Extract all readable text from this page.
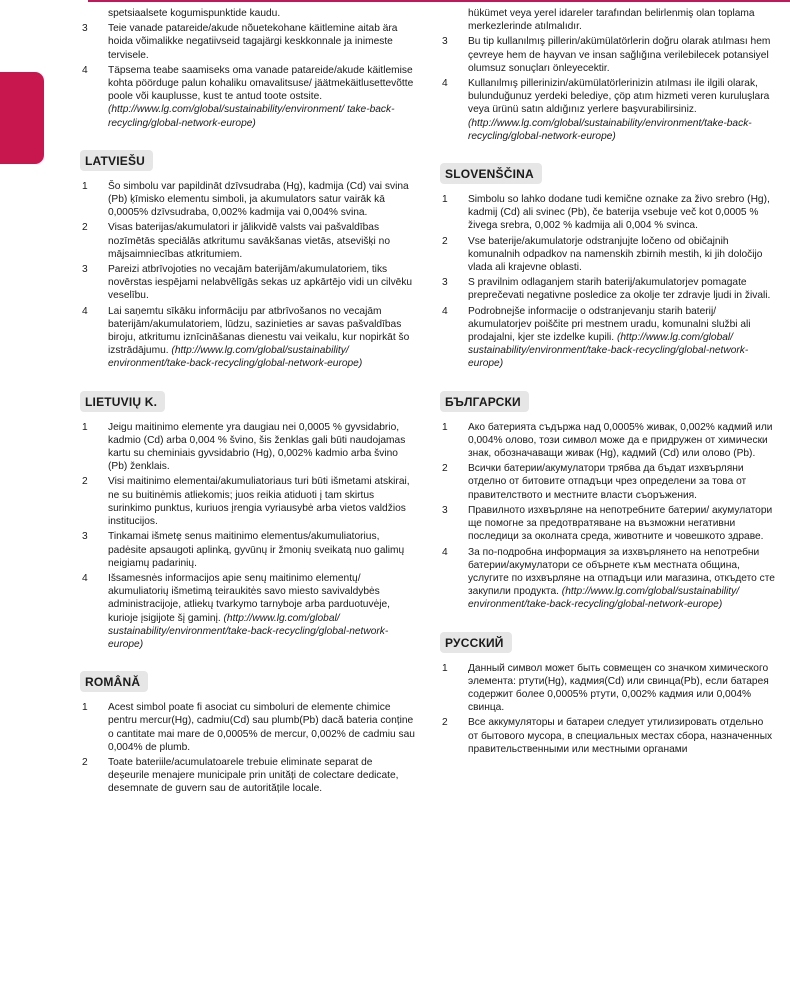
spetsiaalsete kogumispunktide kaudu.
3 Teie vanade patareide/akude nõuetekohane käitlemine aitab ära hoida võimalikke negatiivseid tagajärgi keskkonnale ja inimeste tervisele.
4 Täpsema teabe saamiseks oma vanade patareide/akude käitlemise kohta pöörduge palun kohaliku omavalitsuse/ jäätmekäitlusettevõtte poole või kauplusse, kust te antud toote ostsite. (http://www.lg.com/global/sustainability/environment/ take-back-recycling/global-network-europe)
LATVIEŠU
1 Šo simbolu var papildināt dzīvsudraba (Hg), kadmija (Cd) vai svina (Pb) ķīmisko elementu simboli, ja akumulators satur vairāk kā 0,0005% dzīvsudraba, 0,002% kadmija vai 0,004% svina.
2 Visas baterijas/akumulatori ir jālikvidē valsts vai pašvaldības nozīmētās speciālās atkritumu savākšanas vietās, atsevišķi no mājsaimniecības atkritumiem.
3 Pareizi atbrīvojoties no vecajām baterijām/akumulatoriem, tiks novērstas iespējami nelabvēlīgās sekas uz apkārtējo vidi un cilvēku veselību.
4 Lai saņemtu sīkāku informāciju par atbrīvošanos no vecajām baterijām/akumulatoriem, lūdzu, sazinieties ar savas pašvaldības biroju, atkritumu iznīcināšanas dienestu vai veikalu, kur nopirkāt šo izstrādājumu. (http://www.lg.com/global/sustainability/ environment/take-back-recycling/global-network-europe)
LIETUVIŲ K.
1 Jeigu maitinimo elemente yra daugiau nei 0,0005 % gyvsidabrio, kadmio (Cd) arba 0,004 % švino, šis ženklas gali būti naudojamas kartu su cheminiais gyvsidabrio (Hg), 0,002% kadmio arba švino (Pb) ženklais.
2 Visi maitinimo elementai/akumuliatoriaus turi būti išmetami atskirai, ne su buitinėmis atliekomis; juos reikia atiduoti į tam skirtus surinkimo punktus, kuriuos įrengia vyriausybė arba vietos valdžios institucijos.
3 Tinkamai išmetę senus maitinimo elementus/akumuliatorius, padėsite apsaugoti aplinką, gyvūnų ir žmonių sveikatą nuo galimų neigiamų padarinių.
4 Išsamesnės informacijos apie senų maitinimo elementų/ akumuliatorių išmetimą teiraukitės savo miesto savivaldybės administracijoje, atliekų tvarkymo tarnyboje arba parduotuvėje, kurioje įsigijote šį gaminį. (http://www.lg.com/global/ sustainability/environment/take-back-recycling/global-network-europe)
ROMÂNĂ
1 Acest simbol poate fi asociat cu simboluri de elemente chimice pentru mercur(Hg), cadmiu(Cd) sau plumb(Pb) dacă bateria conține o cantitate mai mare de 0,0005% de mercur, 0,002% de cadmiu sau 0,004% de plumb.
2 Toate bateriile/acumulatoarele trebuie eliminate separat de deșeurile menajere municipale prin unități de colectare dedicate, desemnate de guvern sau de autoritățile locale.
hükümet veya yerel idareler tarafından belirlenmiş olan toplama merkezlerinde atılmalıdır.
3 Bu tip kullanılmış pillerin/akümülatörlerin doğru olarak atılması hem çevreye hem de hayvan ve insan sağlığına verilebilecek potansiyel olumsuz sonuçları önleyecektir.
4 Kullanılmış pillerinizin/akümülatörlerinizin atılması ile ilgili olarak, bulunduğunuz yerdeki belediye, çöp atım hizmeti veren kuruluşlara veya ürünü satın aldığınız yerlere başvurabilirsiniz. (http://www.lg.com/global/sustainability/environment/take-back-recycling/global-network-europe)
SLOVENŠČINA
1 Simbolu so lahko dodane tudi kemične oznake za živo srebro (Hg), kadmij (Cd) ali svinec (Pb), če baterija vsebuje več kot 0,0005 % živega srebra, 0,002 % kadmija ali 0,004 % svinca.
2 Vse baterije/akumulatorje odstranjujte ločeno od običajnih komunalnih odpadkov na namenskih zbirnih mestih, ki jih določijo vlada ali krajevne oblasti.
3 S pravilnim odlaganjem starih baterij/akumulatorjev pomagate preprečevati negativne posledice za okolje ter zdravje ljudi in živali.
4 Podrobnejše informacije o odstranjevanju starih baterij/ akumulatorjev poiščite pri mestnem uradu, komunalni službi ali prodajalni, kjer ste izdelke kupili. (http://www.lg.com/global/ sustainability/environment/take-back-recycling/global-network-europe)
БЪЛГАРСКИ
1 Ако батерията съдържа над 0,0005% живак, 0,002% кадмий или 0,004% олово, този символ може да е придружен от химически знак, обозначаващи живак (Hg), кадмий (Cd) или олово (Pb).
2 Всички батерии/акумулатори трябва да бъдат изхвърляни отделно от битовите отпадъци чрез определени за това от правителството и местните власти съоръжения.
3 Правилното изхвърляне на непотребните батерии/ акумулатори ще помогне за предотвратяване на възможни негативни последици за околната среда, животните и човешкото здраве.
4 За по-подробна информация за изхвърлянето на непотребни батерии/акумулатори се обърнете към местната община, услугите по изхвърляне на отпадъци или магазина, откъдето сте закупили продукта. (http://www.lg.com/global/sustainability/ environment/take-back-recycling/global-network-europe)
РУССКИЙ
1 Данный символ может быть совмещен со значком химического элемента: ртути(Hg), кадмия(Cd) или свинца(Pb), если батарея содержит более 0,0005% ртути, 0,002% кадмия или 0,004% свинца.
2 Все аккумуляторы и батареи следует утилизировать отдельно от бытового мусора, в специальных местах сбора, назначенных правительственными или местными органами
